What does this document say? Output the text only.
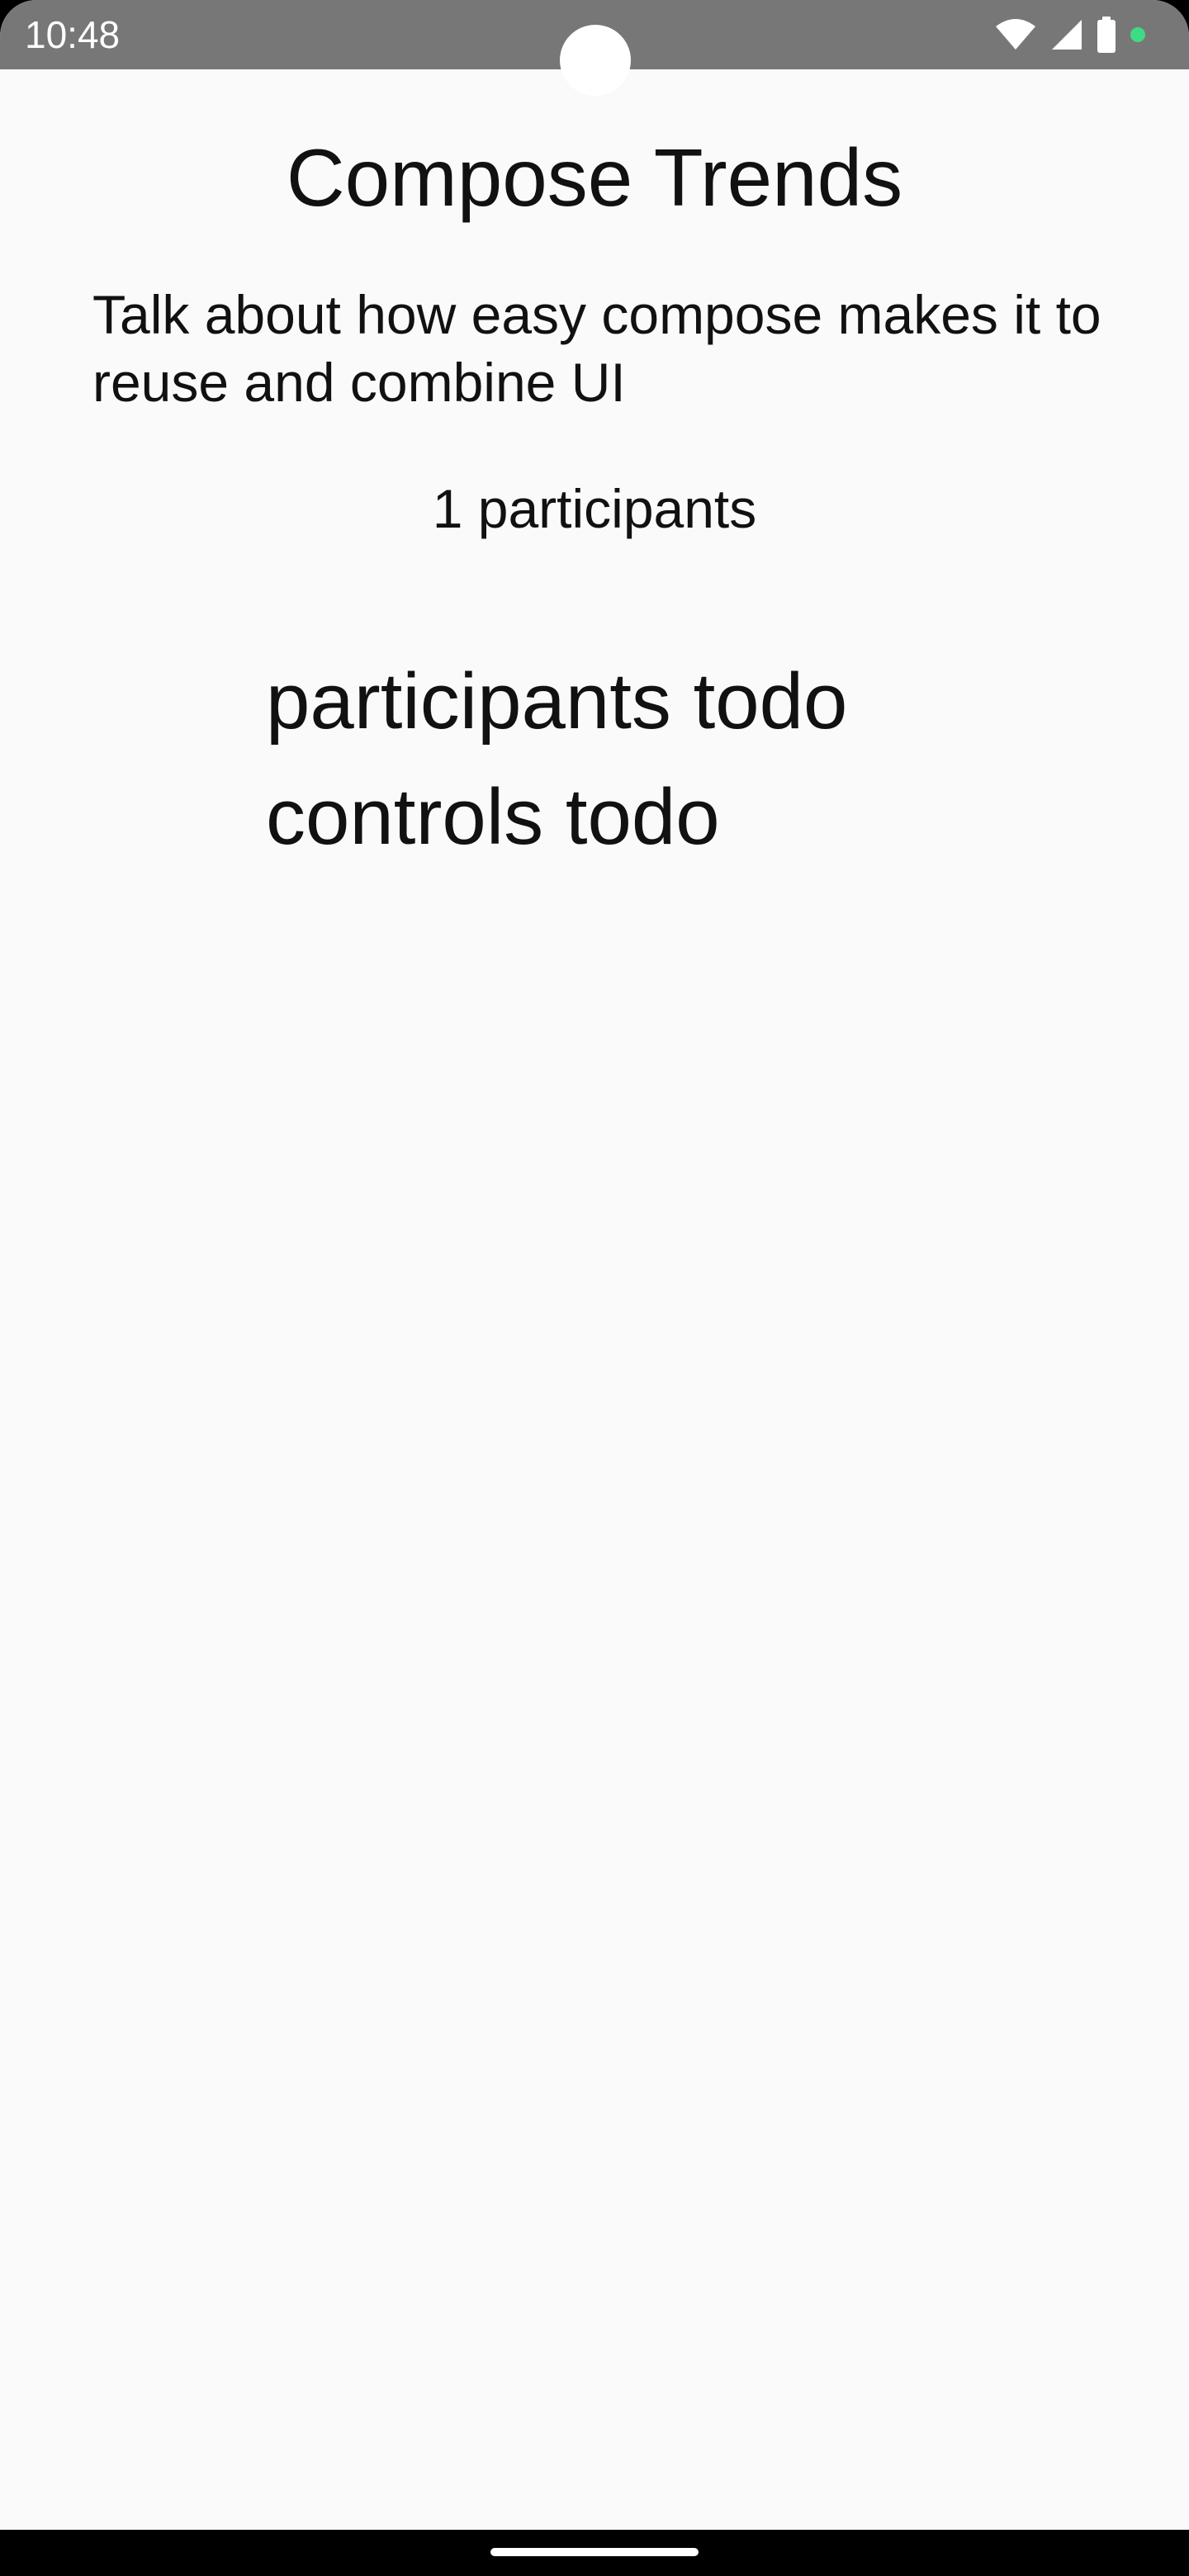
10:48
Compose Trends
Talk about how easy compose makes it to reuse and combine UI
1 participants
participants todo
controls todo
